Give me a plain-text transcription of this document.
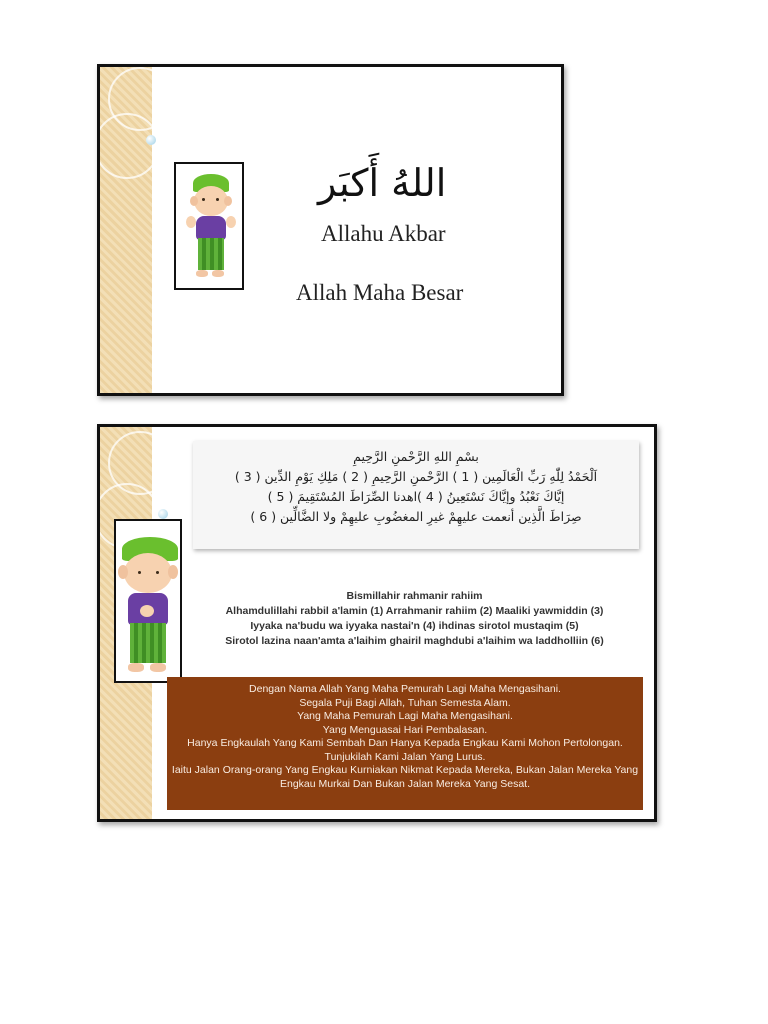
اللهُ أَكبَر
Allahu Akbar
Allah Maha Besar
بسْمِ اللهِ الرَّحْمنِ الرَّحِيمِ
اَلْحَمْدُ لِلّٰهِ رَبِّ الْعَالَمِين ( 1 ) الرَّحْمنِ الرَّحِيمِ ( 2 ) مَلِكِ يَوْمِ الدِّين ( 3 )
إيَّاكَ نَعْبُدُ وإيَّاكَ نَسْتَعِينُ ( 4 )اهدنا الصِّرَاطَ المُسْتَقِيمَ ( 5 )
صِرَاطَ الَّذِين أنعمت عليهِمْ غيرِ المغضُوبِ عليهِمْ ولا الضَّالِّين ( 6 )
Bismillahir rahmanir rahiim
Alhamdulillahi rabbil a'lamin (1) Arrahmanir rahiim (2) Maaliki yawmiddin (3)
Iyyaka na'budu wa iyyaka nastai'n (4) ihdinas sirotol mustaqim (5)
Sirotol lazina naan'amta a'laihim ghairil maghdubi a'laihim wa laddholliin (6)
Dengan Nama Allah Yang Maha Pemurah Lagi Maha Mengasihani.
Segala Puji Bagi Allah, Tuhan Semesta Alam.
Yang Maha Pemurah Lagi Maha Mengasihani.
Yang Menguasai Hari Pembalasan.
Hanya Engkaulah Yang Kami Sembah Dan Hanya Kepada Engkau Kami Mohon Pertolongan.
Tunjukilah Kami Jalan Yang Lurus.
Iaitu Jalan Orang-orang Yang Engkau Kurniakan Nikmat Kepada Mereka, Bukan Jalan Mereka Yang Engkau Murkai Dan Bukan Jalan Mereka Yang Sesat.
